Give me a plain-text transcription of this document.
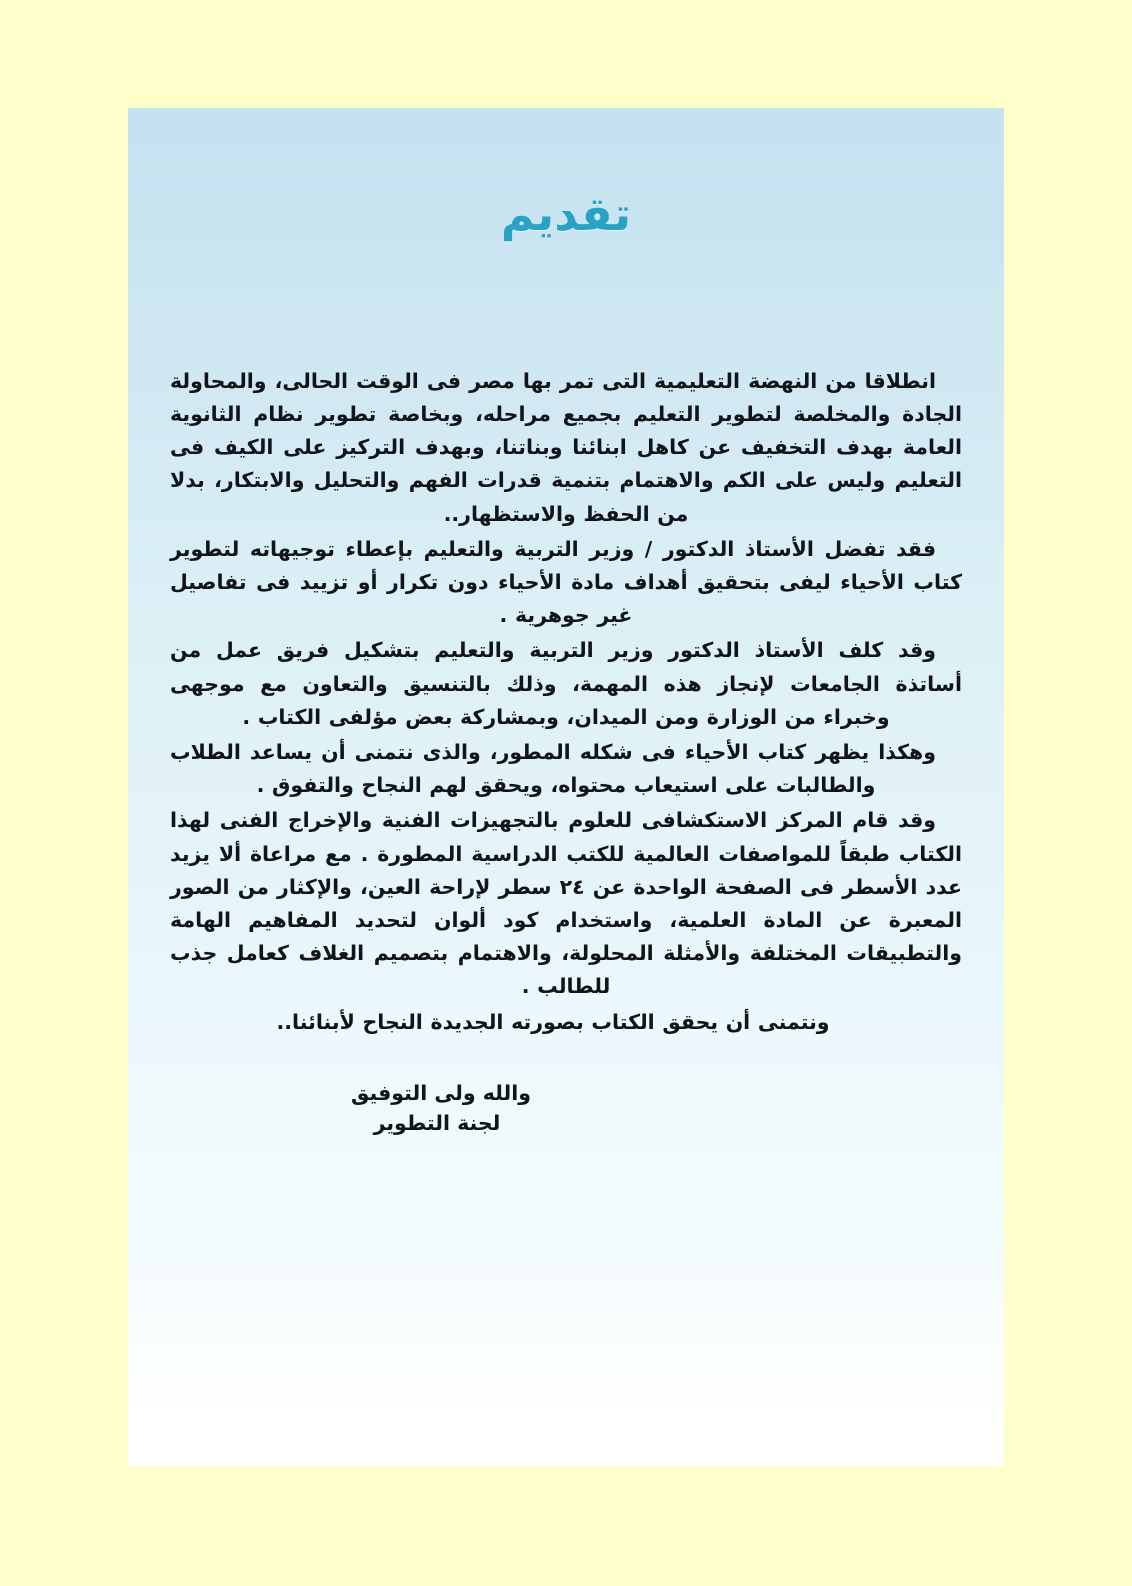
تقديم

انطلاقا من النهضة التعليمية التى تمر بها مصر فى الوقت الحالى، والمحاولة الجادة والمخلصة لتطوير التعليم بجميع مراحله، وبخاصة تطوير نظام الثانوية العامة بهدف التخفيف عن كاهل ابنائنا وبناتنا، وبهدف التركيز على الكيف فى التعليم وليس على الكم والاهتمام بتنمية قدرات الفهم والتحليل والابتكار، بدلا من الحفظ والاستظهار..

فقد تفضل الأستاذ الدكتور / وزير التربية والتعليم بإعطاء توجيهاته لتطوير كتاب الأحياء ليفى بتحقيق أهداف مادة الأحياء دون تكرار أو تزييد فى تفاصيل غير جوهرية .

وقد كلف الأستاذ الدكتور وزير التربية والتعليم بتشكيل فريق عمل من أساتذة الجامعات لإنجاز هذه المهمة، وذلك بالتنسيق والتعاون مع موجهى وخبراء من الوزارة ومن الميدان، وبمشاركة بعض مؤلفى الكتاب .

وهكذا يظهر كتاب الأحياء فى شكله المطور، والذى نتمنى أن يساعد الطلاب والطالبات على استيعاب محتواه، ويحقق لهم النجاح والتفوق .

وقد قام المركز الاستكشافى للعلوم بالتجهيزات الفنية والإخراج الفنى لهذا الكتاب طبقاً للمواصفات العالمية للكتب الدراسية المطورة . مع مراعاة ألا يزيد عدد الأسطر فى الصفحة الواحدة عن ٢٤ سطر لإراحة العين، والإكثار من الصور المعبرة عن المادة العلمية، واستخدام كود ألوان لتحديد المفاهيم الهامة والتطبيقات المختلفة والأمثلة المحلولة، والاهتمام بتصميم الغلاف كعامل جذب للطالب .

ونتمنى أن يحقق الكتاب بصورته الجديدة النجاح لأبنائنا..

والله ولى التوفيق
لجنة التطوير
